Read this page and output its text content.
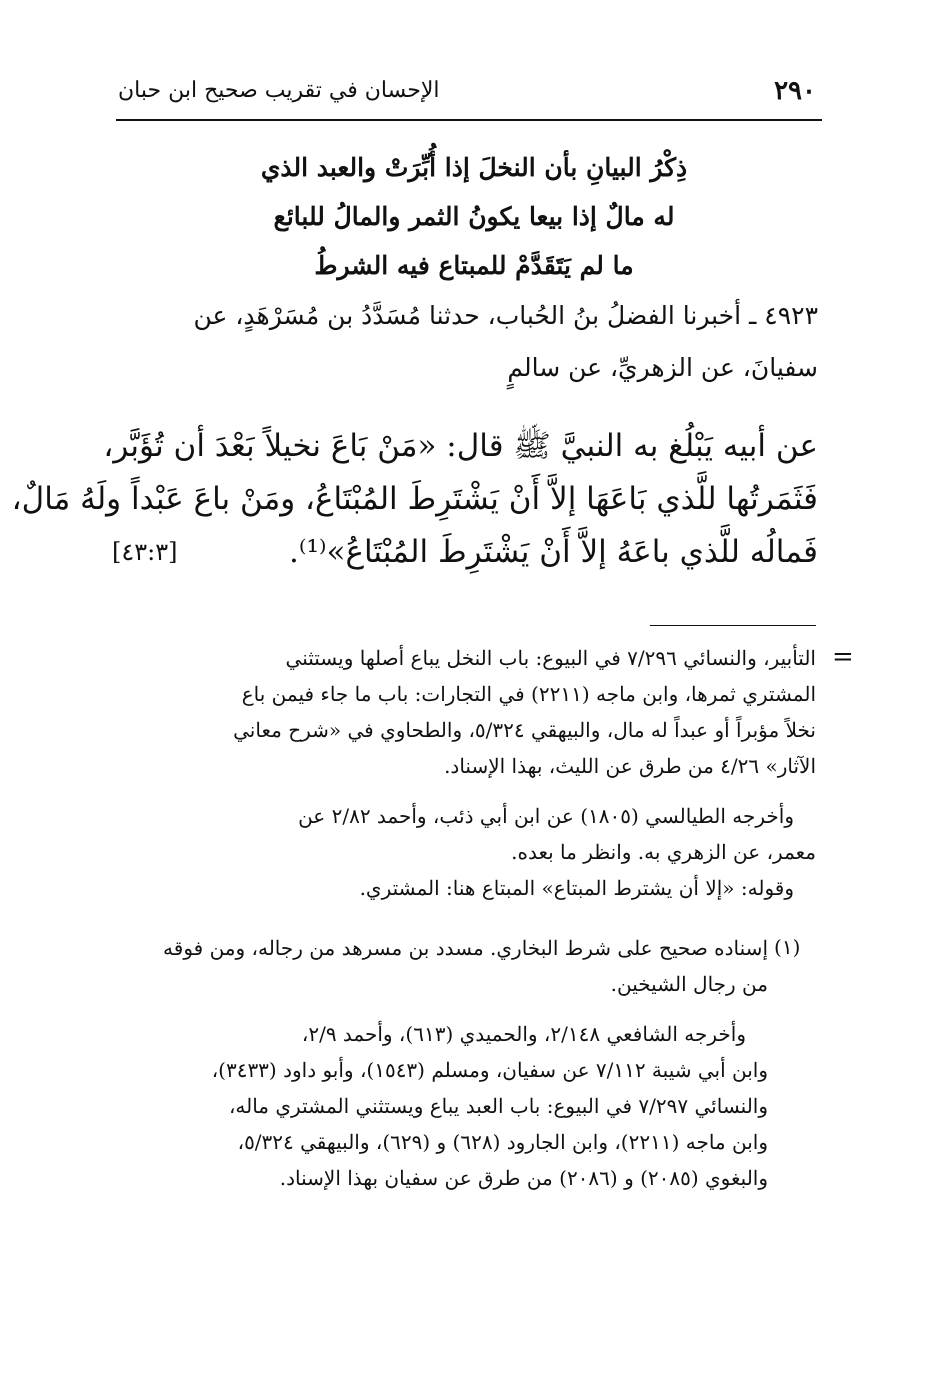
٢٩٠
الإحسان في تقريب صحيح ابن حبان
ذِكْرُ البيانِ بأن النخلَ إذا أُبِّرَتْ والعبد الذي
له مالٌ إذا بيعا يكونُ الثمر والمالُ للبائع
ما لم يَتَقَدَّمْ للمبتاع فيه الشرطُ
٤٩٢٣ ـ أخبرنا الفضلُ بنُ الحُباب، حدثنا مُسَدَّدُ بن مُسَرْهَدٍ، عن
سفيانَ، عن الزهريِّ، عن سالمٍ
عن أبيه يَبْلُغ به النبيَّ ﷺ قال: «مَنْ بَاعَ نخيلاً بَعْدَ أن تُؤَبَّر،
فَثَمَرتُها للَّذي بَاعَهَا إلاَّ أَنْ يَشْتَرِطَ المُبْتَاعُ، ومَنْ باعَ عَبْداً ولَهُ مَالٌ،
فَمالُه للَّذي باعَهُ إلاَّ أَنْ يَشْتَرِطَ المُبْتَاعُ»⁽¹⁾.
[٤٣:٣]
=
التأبير، والنسائي ٧/٢٩٦ في البيوع: باب النخل يباع أصلها ويستثني
المشتري ثمرها، وابن ماجه (٢٢١١) في التجارات: باب ما جاء فيمن باع
نخلاً مؤبراً أو عبداً له مال، والبيهقي ٥/٣٢٤، والطحاوي في «شرح معاني
الآثار» ٤/٢٦ من طرق عن الليث، بهذا الإسناد.
وأخرجه الطيالسي (١٨٠٥) عن ابن أبي ذئب، وأحمد ٢/٨٢ عن
معمر، عن الزهري به. وانظر ما بعده.
وقوله: «إلا أن يشترط المبتاع» المبتاع هنا: المشتري.
(١)
إسناده صحيح على شرط البخاري. مسدد بن مسرهد من رجاله، ومن فوقه
من رجال الشيخين.
وأخرجه الشافعي ٢/١٤٨، والحميدي (٦١٣)، وأحمد ٢/٩،
وابن أبي شيبة ٧/١١٢ عن سفيان، ومسلم (١٥٤٣)، وأبو داود (٣٤٣٣)،
والنسائي ٧/٢٩٧ في البيوع: باب العبد يباع ويستثني المشتري ماله،
وابن ماجه (٢٢١١)، وابن الجارود (٦٢٨) و (٦٢٩)، والبيهقي ٥/٣٢٤،
والبغوي (٢٠٨٥) و (٢٠٨٦) من طرق عن سفيان بهذا الإسناد.
